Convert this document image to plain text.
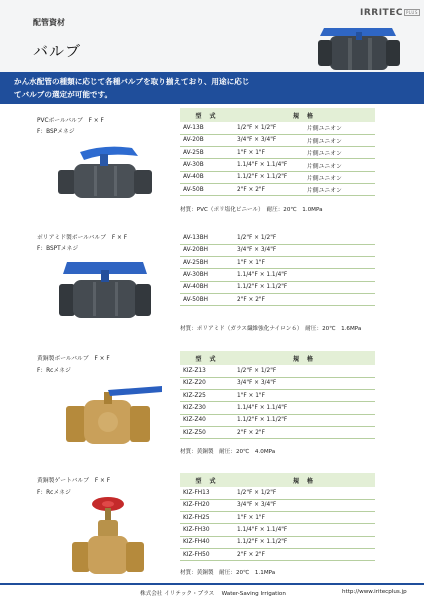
配管資材
バルブ
IRRITEC PLUS
かん水配管の種類に応じて各種バルブを取り揃えており、用途に応じ
てバルブの選定が可能です。
PVCボールバルブ　F × F
F：BSPメネジ
型 式	規 格	
AV-13B	1/2"F × 1/2"F	片側ユニオン
AV-20B	3/4"F × 3/4"F	片側ユニオン
AV-25B	1"F × 1"F	片側ユニオン
AV-30B	1.1/4"F × 1.1/4"F	片側ユニオン
AV-40B	1.1/2"F × 1.1/2"F	片側ユニオン
AV-50B	2"F × 2"F	片側ユニオン
材質：PVC（ポリ塩化ビニール）　耐圧：20℃　1.0MPa
ポリアミド製ボールバルブ　F × F
F：BSPTメネジ
AV-13BH	1/2"F × 1/2"F	
AV-20BH	3/4"F × 3/4"F	
AV-25BH	1"F × 1"F	
AV-30BH	1.1/4"F × 1.1/4"F	
AV-40BH	1.1/2"F × 1.1/2"F	
AV-50BH	2"F × 2"F	
材質：ポリアミド（ガラス繊維強化ナイロン６）　耐圧：20℃　1.6MPa
黄銅製ボールバルブ　F × F
F：Rcメネジ
型 式	規 格	
KIZ-Z13	1/2"F × 1/2"F	
KIZ-Z20	3/4"F × 3/4"F	
KIZ-Z25	1"F × 1"F	
KIZ-Z30	1.1/4"F × 1.1/4"F	
KIZ-Z40	1.1/2"F × 1.1/2"F	
KIZ-Z50	2"F × 2"F	
材質：黄銅製　耐圧：20℃　4.0MPa
黄銅製ゲートバルブ　F × F
F：Rcメネジ
型 式	規 格	
KIZ-FH13	1/2"F × 1/2"F	
KIZ-FH20	3/4"F × 3/4"F	
KIZ-FH25	1"F × 1"F	
KIZ-FH30	1.1/4"F × 1.1/4"F	
KIZ-FH40	1.1/2"F × 1.1/2"F	
KIZ-FH50	2"F × 2"F	
材質：黄銅製　耐圧：20℃　1.1MPa
株式会社 イリテック・プラス　 Water-Saving Irrigation	http://www.iritecplus.jp
